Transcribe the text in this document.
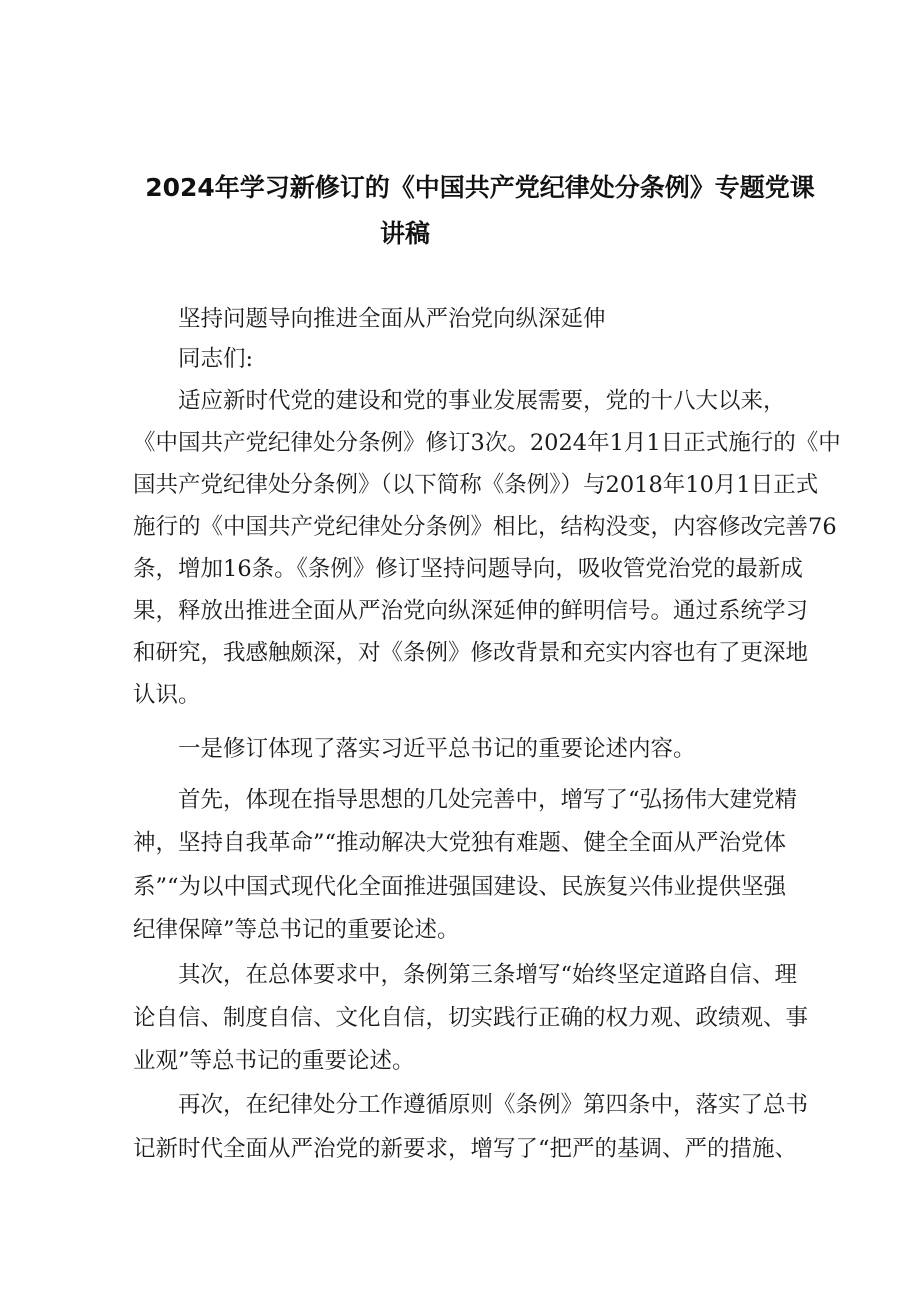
2024年学习新修订的《中国共产党纪律处分条例》专题党课
讲稿
坚持问题导向推进全面从严治党向纵深延伸
同志们:
适应新时代党的建设和党的事业发展需要，党的十八大以来，
《中国共产党纪律处分条例》修订3次。2024年1月1日正式施行的《中
国共产党纪律处分条例》（以下简称《条例》）与2018年10月1日正式
施行的《中国共产党纪律处分条例》相比，结构没变，内容修改完善76
条，增加16条。《条例》修订坚持问题导向，吸收管党治党的最新成
果，释放出推进全面从严治党向纵深延伸的鲜明信号。通过系统学习
和研究，我感触颇深，对《条例》修改背景和充实内容也有了更深地
认识。
一是修订体现了落实习近平总书记的重要论述内容。
首先，体现在指导思想的几处完善中，增写了“弘扬伟大建党精
神，坚持自我革命”“推动解决大党独有难题、健全全面从严治党体
系”“为以中国式现代化全面推进强国建设、民族复兴伟业提供坚强
纪律保障”等总书记的重要论述。
其次，在总体要求中，条例第三条增写“始终坚定道路自信、理
论自信、制度自信、文化自信，切实践行正确的权力观、政绩观、事
业观”等总书记的重要论述。
再次，在纪律处分工作遵循原则《条例》第四条中，落实了总书
记新时代全面从严治党的新要求，增写了“把严的基调、严的措施、
